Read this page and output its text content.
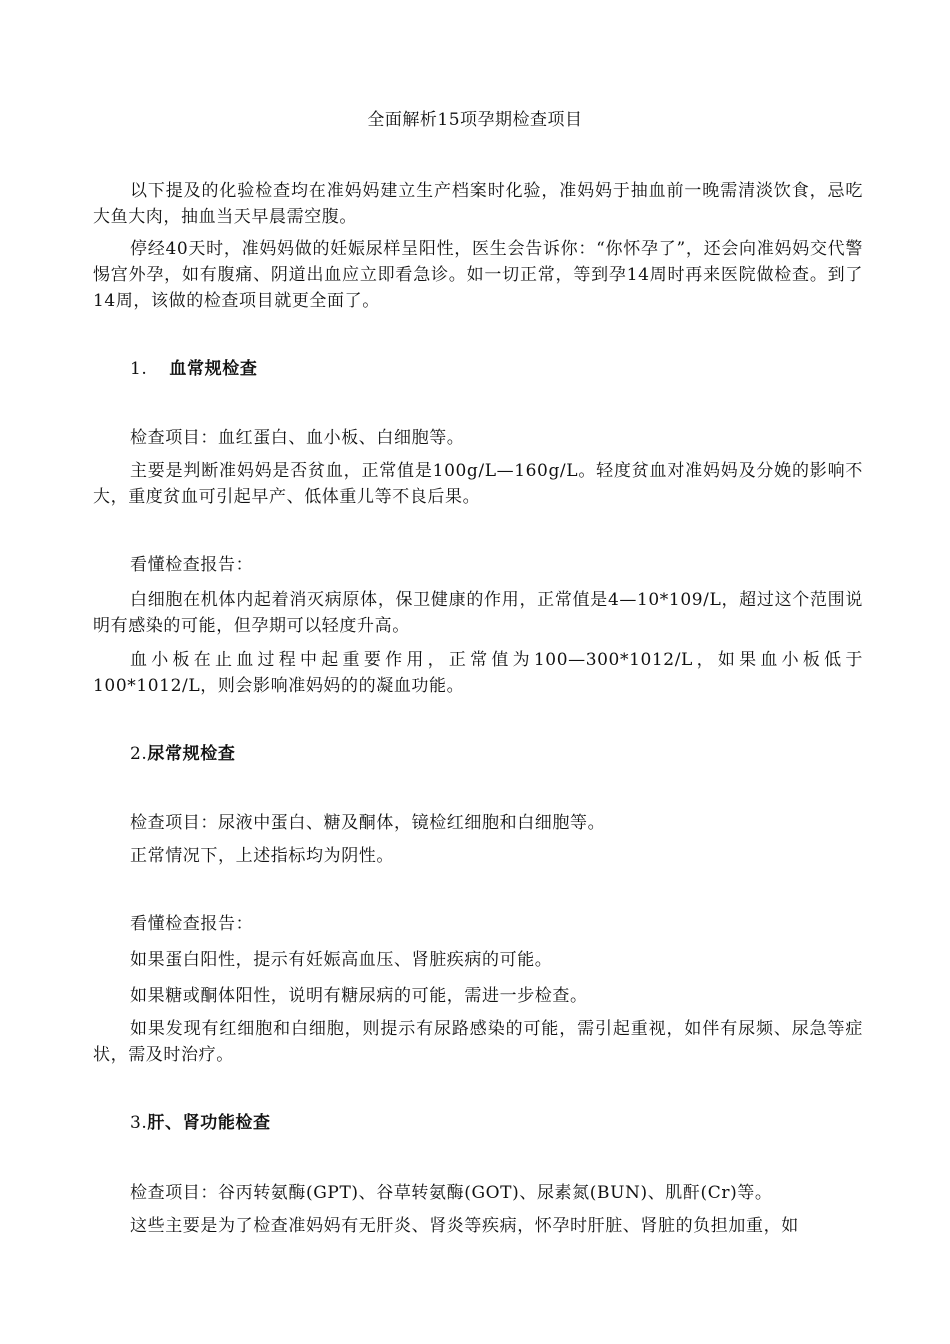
全面解析15项孕期检查项目

以下提及的化验检查均在准妈妈建立生产档案时化验，准妈妈于抽血前一晚需清淡饮食，忌吃大鱼大肉，抽血当天早晨需空腹。

停经40天时，准妈妈做的妊娠尿样呈阳性，医生会告诉你：“你怀孕了”，还会向准妈妈交代警惕宫外孕，如有腹痛、阴道出血应立即看急诊。如一切正常，等到孕14周时再来医院做检查。到了14周，该做的检查项目就更全面了。

1. 血常规检查

检查项目：血红蛋白、血小板、白细胞等。

主要是判断准妈妈是否贫血，正常值是100g/L—160g/L。轻度贫血对准妈妈及分娩的影响不大，重度贫血可引起早产、低体重儿等不良后果。

看懂检查报告：

白细胞在机体内起着消灭病原体，保卫健康的作用，正常值是4—10*109/L，超过这个范围说明有感染的可能，但孕期可以轻度升高。

血小板在止血过程中起重要作用，正常值为100—300*1012/L，如果血小板低于100*1012/L，则会影响准妈妈的的凝血功能。

2.尿常规检查

检查项目：尿液中蛋白、糖及酮体，镜检红细胞和白细胞等。

正常情况下，上述指标均为阴性。

看懂检查报告：

如果蛋白阳性，提示有妊娠高血压、肾脏疾病的可能。

如果糖或酮体阳性，说明有糖尿病的可能，需进一步检查。

如果发现有红细胞和白细胞，则提示有尿路感染的可能，需引起重视，如伴有尿频、尿急等症状，需及时治疗。

3.肝、肾功能检查

检查项目：谷丙转氨酶(GPT)、谷草转氨酶(GOT)、尿素氮(BUN)、肌酐(Cr)等。

这些主要是为了检查准妈妈有无肝炎、肾炎等疾病，怀孕时肝脏、肾脏的负担加重，如
